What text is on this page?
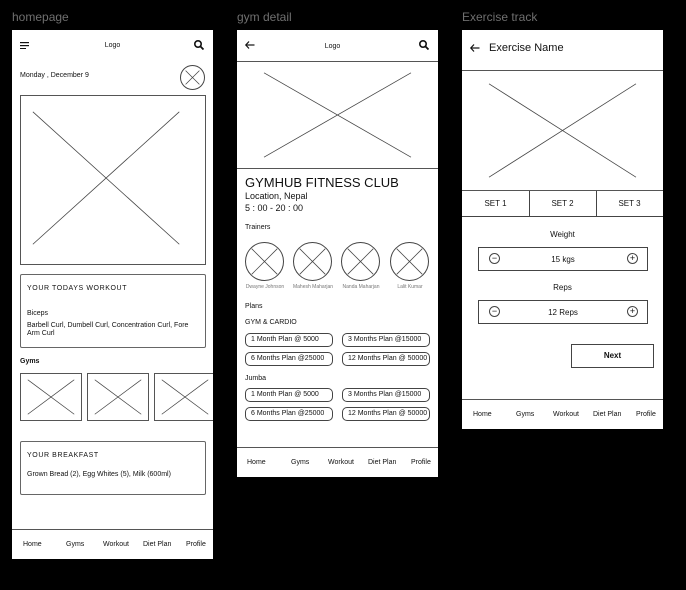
homepage	gym detail	Exercise track
Logo
Monday , December 9
YOUR TODAYS WORKOUT
Biceps
Barbell Curl, Dumbell Curl, Concentration Curl, Fore Arm Curl
Gyms
YOUR BREAKFAST
Grown Bread (2), Egg Whites (5), Milk (600ml)
Home	Gyms	Workout Diet Plan Profile
Logo
GYMHUB FITNESS CLUB
Location, Nepal
5 : 00 - 20 : 00
Trainers
Dwayne Johnson	Mahesh Maharjan	Nanda Maharjan	Lalit Kumar
Plans
GYM & CARDIO
1 Month Plan @ 5000	3 Months Plan @15000
6 Months Plan @25000	12 Months Plan @ 50000
Jumba
1 Month Plan @ 5000	3 Months Plan @15000
6 Months Plan @25000	12 Months Plan @ 50000
Home	Gyms	Workout Diet Plan Profile
Exercise Name
SET 1	SET 2	SET 3
Weight
−	15 kgs	+
Reps
−	12 Reps	+
Next
Home	Gyms	Workout Diet Plan Profile
